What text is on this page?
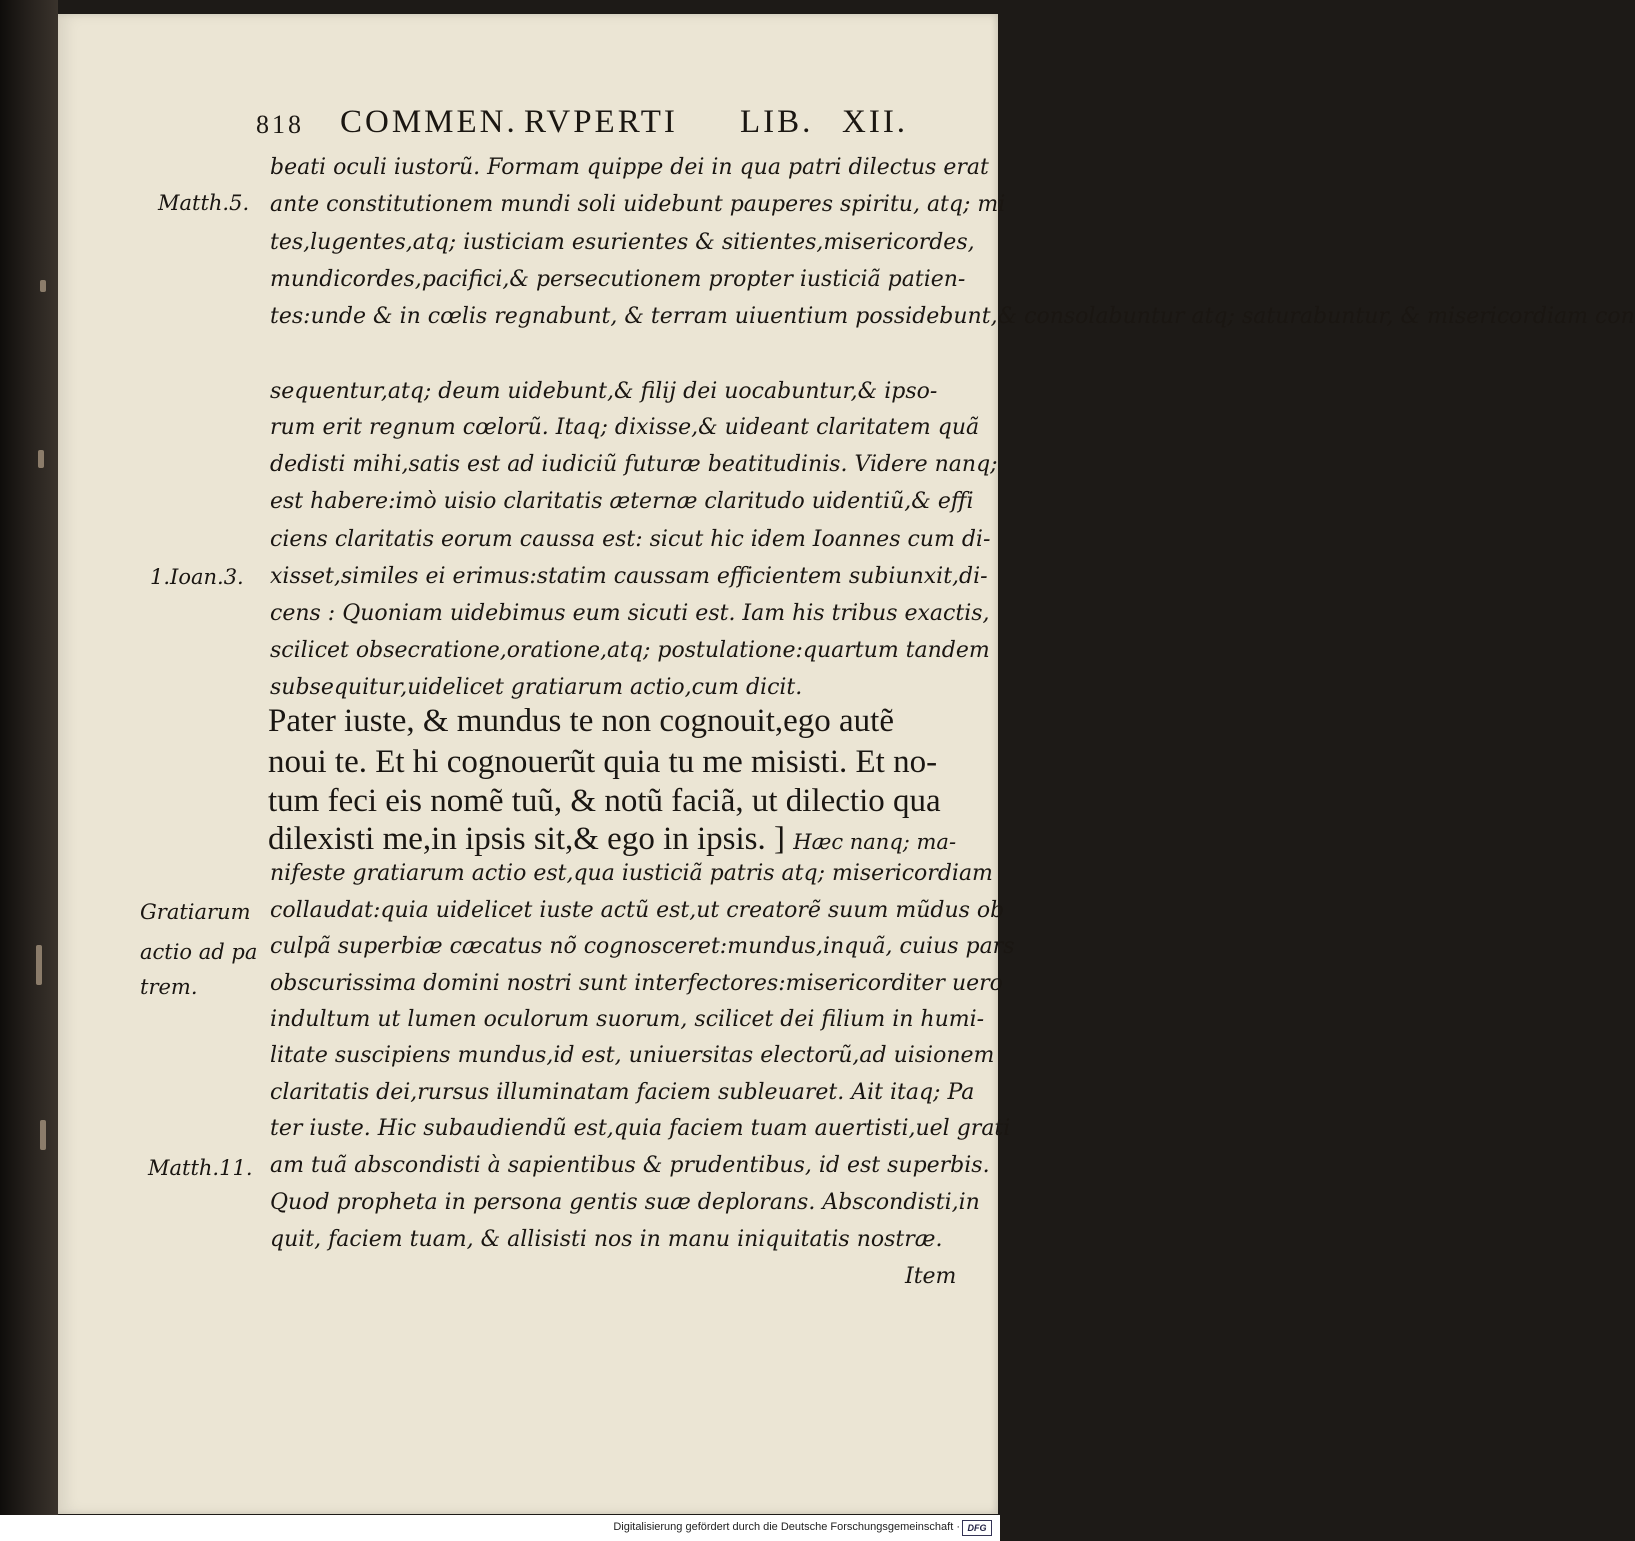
818 COMMEN. RVPERTI LIB. XII.
Matth.5.
1.Ioan.3.
Gratiarum
actio ad pa
trem.
Matth.11.
beati oculi iustorũ. Formam quippe dei in qua patri dilectus erat
ante constitutionem mundi soli uidebunt pauperes spiritu, atq; mi
tes,lugentes,atq; iusticiam esurientes & sitientes,misericordes,
mundicordes,pacifici,& persecutionem propter iusticiã patien-
tes:unde & in cœlis regnabunt, & terram uiuentium possidebunt,& consolabuntur atq; saturabuntur, & misericordiam con
sequentur,atq; deum uidebunt,& filij dei uocabuntur,& ipso-
rum erit regnum cœlorũ. Itaq; dixisse,& uideant claritatem quã
dedisti mihi,satis est ad iudiciũ futuræ beatitudinis. Videre nanq;
est habere:imò uisio claritatis æternæ claritudo uidentiũ,& effi
ciens claritatis eorum caussa est: sicut hic idem Ioannes cum di-
xisset,similes ei erimus:statim caussam efficientem subiunxit,di-
cens : Quoniam uidebimus eum sicuti est. Iam his tribus exactis,
scilicet obsecratione,oratione,atq; postulatione:quartum tandem
subsequitur,uidelicet gratiarum actio,cum dicit.
Pater iuste, & mundus te non cognouit,ego autẽ
noui te. Et hi cognouerũt quia tu me misisti. Et no-
tum feci eis nomẽ tuũ, & notũ faciã, ut dilectio qua
dilexisti me,in ipsis sit,& ego in ipsis. ] Hæc nanq; ma-
nifeste gratiarum actio est,qua iusticiã patris atq; misericordiam
collaudat:quia uidelicet iuste actũ est,ut creatorẽ suum mũdus ob
culpã superbiæ cæcatus nõ cognosceret:mundus,inquã, cuius pars
obscurissima domini nostri sunt interfectores:misericorditer uero
indultum ut lumen oculorum suorum, scilicet dei filium in humi-
litate suscipiens mundus,id est, uniuersitas electorũ,ad uisionem
claritatis dei,rursus illuminatam faciem subleuaret. Ait itaq; Pa
ter iuste. Hic subaudiendũ est,quia faciem tuam auertisti,uel grati
am tuã abscondisti à sapientibus & prudentibus, id est superbis.
Quod propheta in persona gentis suæ deplorans. Abscondisti,in
quit, faciem tuam, & allisisti nos in manu iniquitatis nostræ.
Item
Digitalisierung gefördert durch die Deutsche Forschungsgemeinschaft · DFG
